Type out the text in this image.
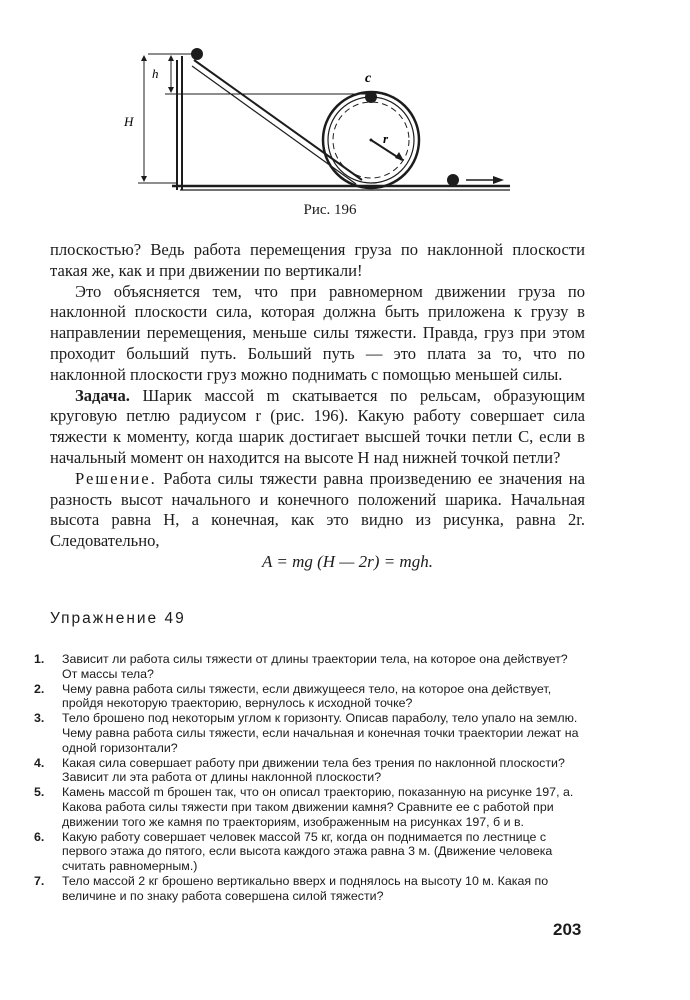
h
H
c
r
Рис. 196

плоскостью? Ведь работа перемещения груза по наклонной плоскости такая же, как и при движении по вертикали!

Это объясняется тем, что при равномерном движении груза по наклонной плоскости сила, которая должна быть приложена к грузу в направлении перемещения, меньше силы тяжести. Правда, груз при этом проходит больший путь. Больший путь — это плата за то, что по наклонной плоскости груз можно поднимать с помощью меньшей силы.

Задача. Шарик массой m скатывается по рельсам, образующим круговую петлю радиусом r (рис. 196). Какую работу совершает сила тяжести к моменту, когда шарик достигает высшей точки петли C, если в начальный момент он находится на высоте H над нижней точкой петли?

Решение. Работа силы тяжести равна произведению ее значения на разность высот начального и конечного положений шарика. Начальная высота равна H, а конечная, как это видно из рисунка, равна 2r. Следовательно,

A = mg (H — 2r) = mgh.

Упражнение 49
1.	Зависит ли работа силы тяжести от длины траектории тела, на которое она действует? От массы тела?
2.	Чему равна работа силы тяжести, если движущееся тело, на которое она действует, пройдя некоторую траекторию, вернулось к исходной точке?
3.	Тело брошено под некоторым углом к горизонту. Описав параболу, тело упало на землю. Чему равна работа силы тяжести, если начальная и конечная точки траектории лежат на одной горизонтали?
4.	Какая сила совершает работу при движении тела без трения по наклонной плоскости? Зависит ли эта работа от длины наклонной плоскости?
5.	Камень массой m брошен так, что он описал траекторию, показанную на рисунке 197, а. Какова работа силы тяжести при таком движении камня? Сравните ее с работой при движении того же камня по траекториям, изображенным на рисунках 197, б и в.
6.	Какую работу совершает человек массой 75 кг, когда он поднимается по лестнице с первого этажа до пятого, если высота каждого этажа равна 3 м. (Движение человека считать равномерным.)
7.	Тело массой 2 кг брошено вертикально вверх и поднялось на высоту 10 м. Какая по величине и по знаку работа совершена силой тяжести?
203
